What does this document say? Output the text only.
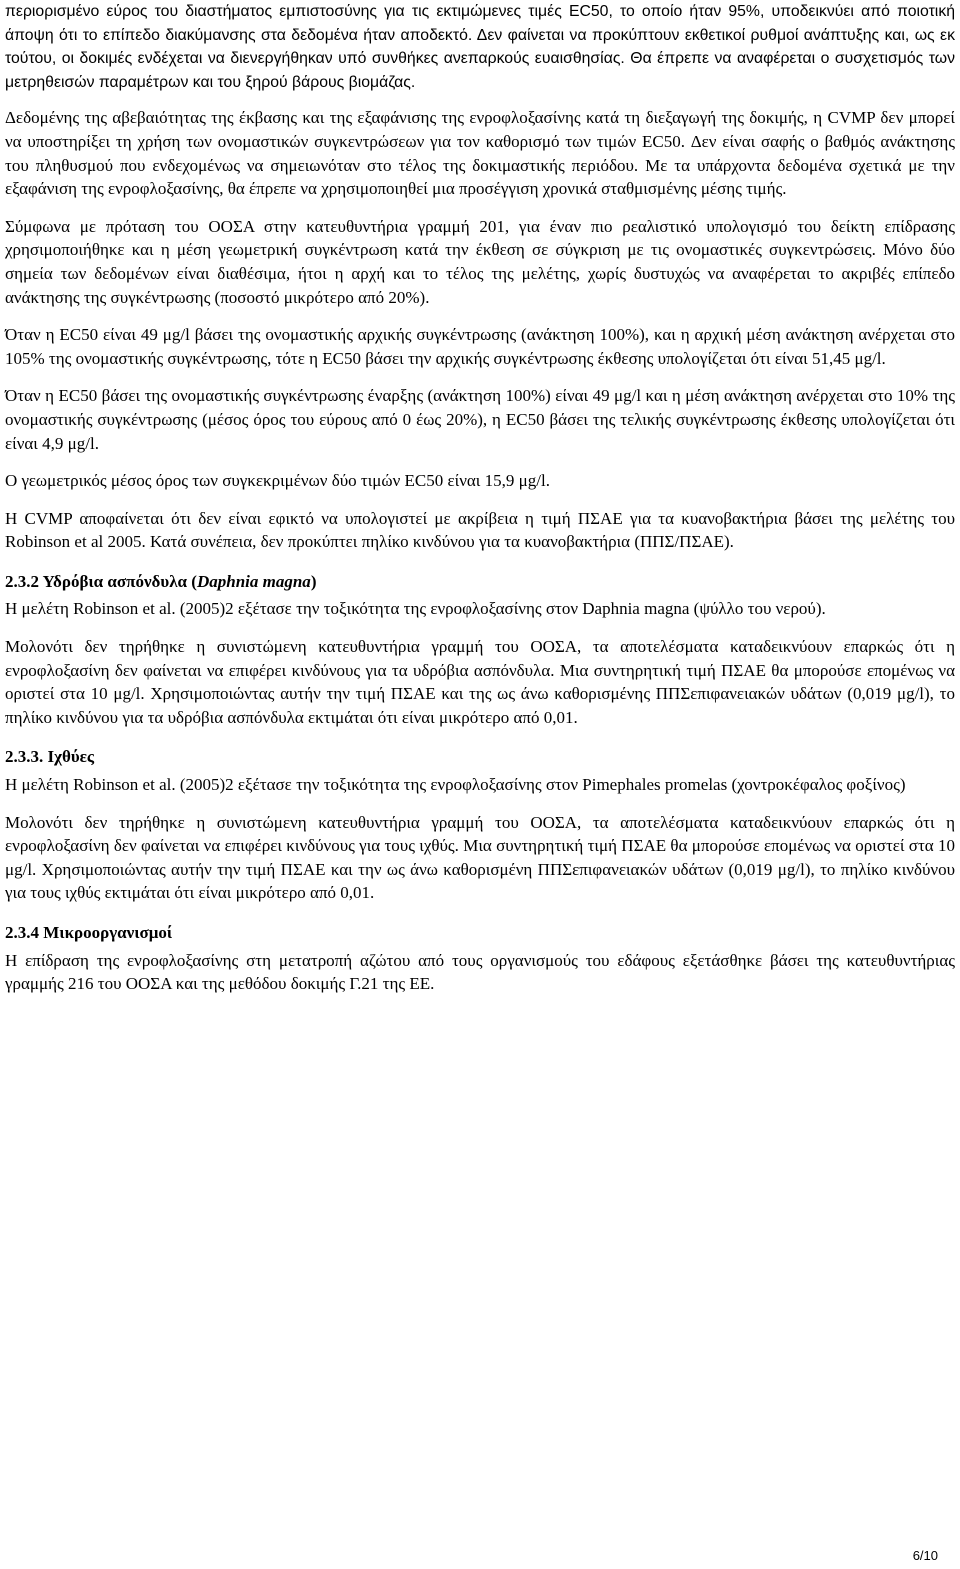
περιορισμένο εύρος του διαστήματος εμπιστοσύνης για τις εκτιμώμενες τιμές EC50, το οποίο ήταν 95%, υποδεικνύει από ποιοτική άποψη ότι το επίπεδο διακύμανσης στα δεδομένα ήταν αποδεκτό. Δεν φαίνεται να προκύπτουν εκθετικοί ρυθμοί ανάπτυξης και, ως εκ τούτου, οι δοκιμές ενδέχεται να διενεργήθηκαν υπό συνθήκες ανεπαρκούς ευαισθησίας. Θα έπρεπε να αναφέρεται ο συσχετισμός των μετρηθεισών παραμέτρων και του ξηρού βάρους βιομάζας.

Δεδομένης της αβεβαιότητας της έκβασης και της εξαφάνισης της ενροφλοξασίνης κατά τη διεξαγωγή της δοκιμής, η CVMP δεν μπορεί να υποστηρίξει τη χρήση των ονομαστικών συγκεντρώσεων για τον καθορισμό των τιμών EC50. Δεν είναι σαφής ο βαθμός ανάκτησης του πληθυσμού που ενδεχομένως να σημειωνόταν στο τέλος της δοκιμαστικής περιόδου. Με τα υπάρχοντα δεδομένα σχετικά με την εξαφάνιση της ενροφλοξασίνης, θα έπρεπε να χρησιμοποιηθεί μια προσέγγιση χρονικά σταθμισμένης μέσης τιμής.

Σύμφωνα με πρόταση του ΟΟΣΑ στην κατευθυντήρια γραμμή 201, για έναν πιο ρεαλιστικό υπολογισμό του δείκτη επίδρασης χρησιμοποιήθηκε και η μέση γεωμετρική συγκέντρωση κατά την έκθεση σε σύγκριση με τις ονομαστικές συγκεντρώσεις. Μόνο δύο σημεία των δεδομένων είναι διαθέσιμα, ήτοι η αρχή και το τέλος της μελέτης, χωρίς δυστυχώς να αναφέρεται το ακριβές επίπεδο ανάκτησης της συγκέντρωσης (ποσοστό μικρότερο από 20%).

Όταν η EC50 είναι 49 μg/l βάσει της ονομαστικής αρχικής συγκέντρωσης (ανάκτηση 100%), και η αρχική μέση ανάκτηση ανέρχεται στο 105% της ονομαστικής συγκέντρωσης, τότε η EC50 βάσει την αρχικής συγκέντρωσης έκθεσης υπολογίζεται ότι είναι 51,45 μg/l.

Όταν η EC50 βάσει της ονομαστικής συγκέντρωσης έναρξης (ανάκτηση 100%) είναι 49 μg/l και η μέση ανάκτηση ανέρχεται στο 10% της ονομαστικής συγκέντρωσης (μέσος όρος του εύρους από 0 έως 20%), η EC50 βάσει της τελικής συγκέντρωσης έκθεσης υπολογίζεται ότι είναι 4,9 μg/l.

Ο γεωμετρικός μέσος όρος των συγκεκριμένων δύο τιμών EC50 είναι 15,9 μg/l.

Η CVMP αποφαίνεται ότι δεν είναι εφικτό να υπολογιστεί με ακρίβεια η τιμή ΠΣΑΕ για τα κυανοβακτήρια βάσει της μελέτης του Robinson et al 2005. Κατά συνέπεια, δεν προκύπτει πηλίκο κινδύνου για τα κυανοβακτήρια (ΠΠΣ/ΠΣΑΕ).

2.3.2 Υδρόβια ασπόνδυλα (Daphnia magna)

Η μελέτη Robinson et al. (2005)2 εξέτασε την τοξικότητα της ενροφλοξασίνης στον Daphnia magna (ψύλλο του νερού).

Μολονότι δεν τηρήθηκε η συνιστώμενη κατευθυντήρια γραμμή του ΟΟΣΑ, τα αποτελέσματα καταδεικνύουν επαρκώς ότι η ενροφλοξασίνη δεν φαίνεται να επιφέρει κινδύνους για τα υδρόβια ασπόνδυλα. Μια συντηρητική τιμή ΠΣΑΕ θα μπορούσε επομένως να οριστεί στα 10 μg/l. Χρησιμοποιώντας αυτήν την τιμή ΠΣΑΕ και της ως άνω καθορισμένης ΠΠΣεπιφανειακών υδάτων (0,019 μg/l), το πηλίκο κινδύνου για τα υδρόβια ασπόνδυλα εκτιμάται ότι είναι μικρότερο από 0,01.

2.3.3. Ιχθύες

Η μελέτη Robinson et al. (2005)2 εξέτασε την τοξικότητα της ενροφλοξασίνης στον Pimephales promelas (χοντροκέφαλος φοξίνος)

Μολονότι δεν τηρήθηκε η συνιστώμενη κατευθυντήρια γραμμή του ΟΟΣΑ, τα αποτελέσματα καταδεικνύουν επαρκώς ότι η ενροφλοξασίνη δεν φαίνεται να επιφέρει κινδύνους για τους ιχθύς. Μια συντηρητική τιμή ΠΣΑΕ θα μπορούσε επομένως να οριστεί στα 10 μg/l. Χρησιμοποιώντας αυτήν την τιμή ΠΣΑΕ και την ως άνω καθορισμένη ΠΠΣεπιφανειακών υδάτων (0,019 μg/l), το πηλίκο κινδύνου για τους ιχθύς εκτιμάται ότι είναι μικρότερο από 0,01.

2.3.4 Μικροοργανισμοί

Η επίδραση της ενροφλοξασίνης στη μετατροπή αζώτου από τους οργανισμούς του εδάφους εξετάσθηκε βάσει της κατευθυντήριας γραμμής 216 του ΟΟΣΑ και της μεθόδου δοκιμής Γ.21 της ΕΕ.

6/10
